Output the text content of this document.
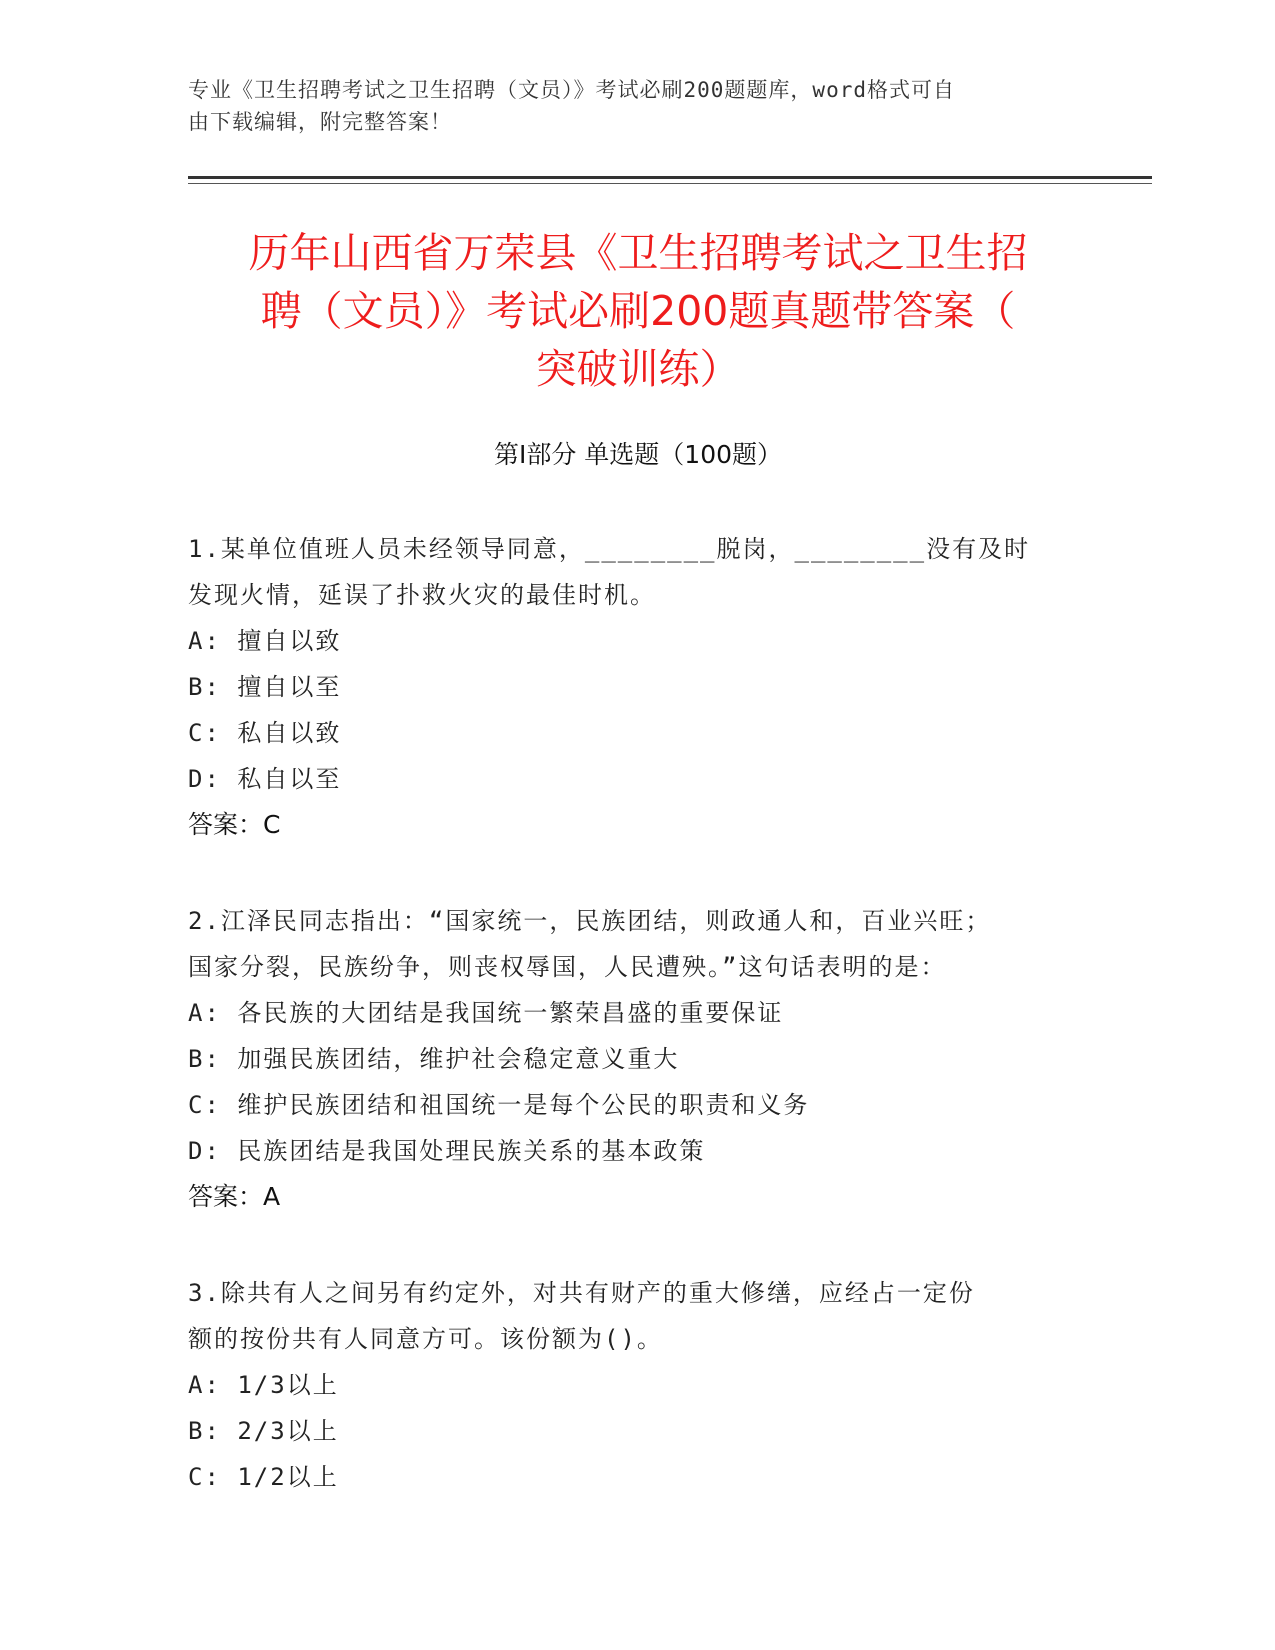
专业《卫生招聘考试之卫生招聘（文员）》考试必刷200题题库，word格式可自
由下载编辑，附完整答案！
历年山西省万荣县《卫生招聘考试之卫生招
聘（文员）》考试必刷200题真题带答案（
突破训练）
第I部分 单选题（100题）
1.某单位值班人员未经领导同意，________脱岗，________没有及时
发现火情，延误了扑救火灾的最佳时机。
A: 擅自以致
B: 擅自以至
C: 私自以致
D: 私自以至
答案：C
2.江泽民同志指出：“国家统一，民族团结，则政通人和，百业兴旺；
国家分裂，民族纷争，则丧权辱国，人民遭殃。”这句话表明的是：
A: 各民族的大团结是我国统一繁荣昌盛的重要保证
B: 加强民族团结，维护社会稳定意义重大
C: 维护民族团结和祖国统一是每个公民的职责和义务
D: 民族团结是我国处理民族关系的基本政策
答案：A
3.除共有人之间另有约定外，对共有财产的重大修缮，应经占一定份
额的按份共有人同意方可。该份额为()。
A: 1/3以上
B: 2/3以上
C: 1/2以上
